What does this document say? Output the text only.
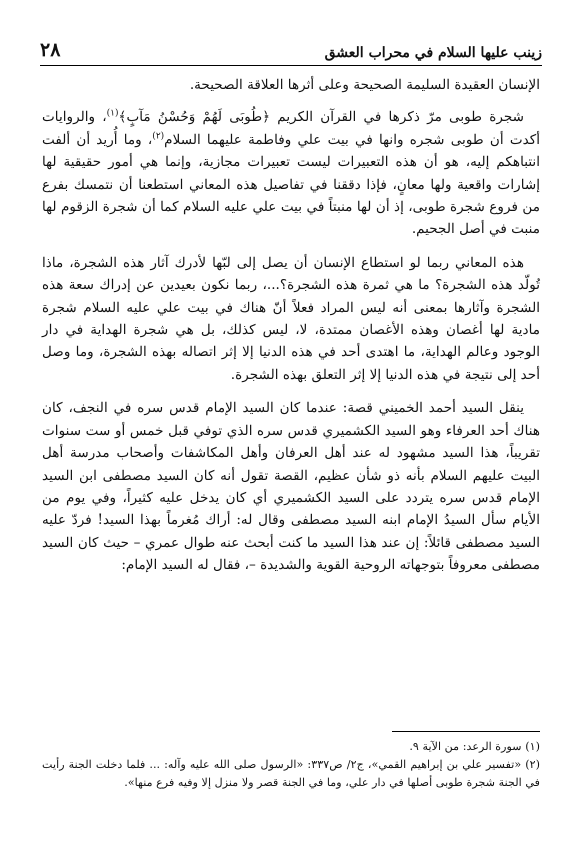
زينب عليها السلام في محراب العشق
٢٨

الإنسان العقيدة السليمة الصحيحة وعلى أثرها العلاقة الصحيحة.

شجرة طوبى مرّ ذكرها في القرآن الكريم ﴿طُوبَى لَهُمْ وَحُسْنُ مَآبٍ﴾$^{(١)}$، والروايات أكدت أن طوبى شجره وانها في بيت علي وفاطمة عليهما السلام$^{(٢)}$، وما أُريد أن ألفت انتباهكم إليه، هو أن هذه التعبيرات ليست تعبيرات مجازية، وإنما هي أمور حقيقية لها إشارات واقعية ولها معانٍ، فإذا دققنا في تفاصيل هذه المعاني استطعنا أن نتمسك بفرع من فروع شجرة طوبى، إذ أن لها منبتاً في بيت علي عليه السلام كما أن شجرة الزقوم لها منبت في أصل الجحيم.

هذه المعاني ربما لو استطاع الإنسان أن يصل إلى لبّها لأدرك آثار هذه الشجرة، ماذا تُولّد هذه الشجرة؟ ما هي ثمرة هذه الشجرة؟...، ربما نكون بعيدين عن إدراك سعة هذه الشجرة وآثارها بمعنى أنه ليس المراد فعلاً أنّ هناك في بيت علي عليه السلام شجرة مادية لها أغصان وهذه الأغصان ممتدة، لا، ليس كذلك، بل هي شجرة الهداية في دار الوجود وعالم الهداية، ما اهتدى أحد في هذه الدنيا إلا إثر اتصاله بهذه الشجرة، وما وصل أحد إلى نتيجة في هذه الدنيا إلا إثر التعلق بهذه الشجرة.

ينقل السيد أحمد الخميني قصة: عندما كان السيد الإمام قدس سره في النجف، كان هناك أحد العرفاء وهو السيد الكشميري قدس سره الذي توفي قبل خمس أو ست سنوات تقريباً، هذا السيد مشهود له عند أهل العرفان وأهل المكاشفات وأصحاب مدرسة أهل البيت عليهم السلام بأنه ذو شأن عظيم، القصة تقول أنه كان السيد مصطفى ابن السيد الإمام قدس سره يتردد على السيد الكشميري أي كان يدخل عليه كثيراً، وفي يوم من الأيام سأل السيدُ الإمام ابنه السيد مصطفى وقال له: أراك مُغرماً بهذا السيد! فردّ عليه السيد مصطفى قائلاً: إن عند هذا السيد ما كنت أبحث عنه طوال عمري – حيث كان السيد مصطفى معروفاً بتوجهاته الروحية القوية والشديدة –، فقال له السيد الإمام:

(١) سورة الرعد: من الآية ٩.
(٢) «تفسير علي بن إبراهيم القمي»، ج٢/ ص٣٣٧: «الرسول صلى الله عليه وآله: ... فلما دخلت الجنة رأيت في الجنة شجرة طوبى أصلها في دار علي، وما في الجنة قصر ولا منزل إلا وفيه فرع منها».
